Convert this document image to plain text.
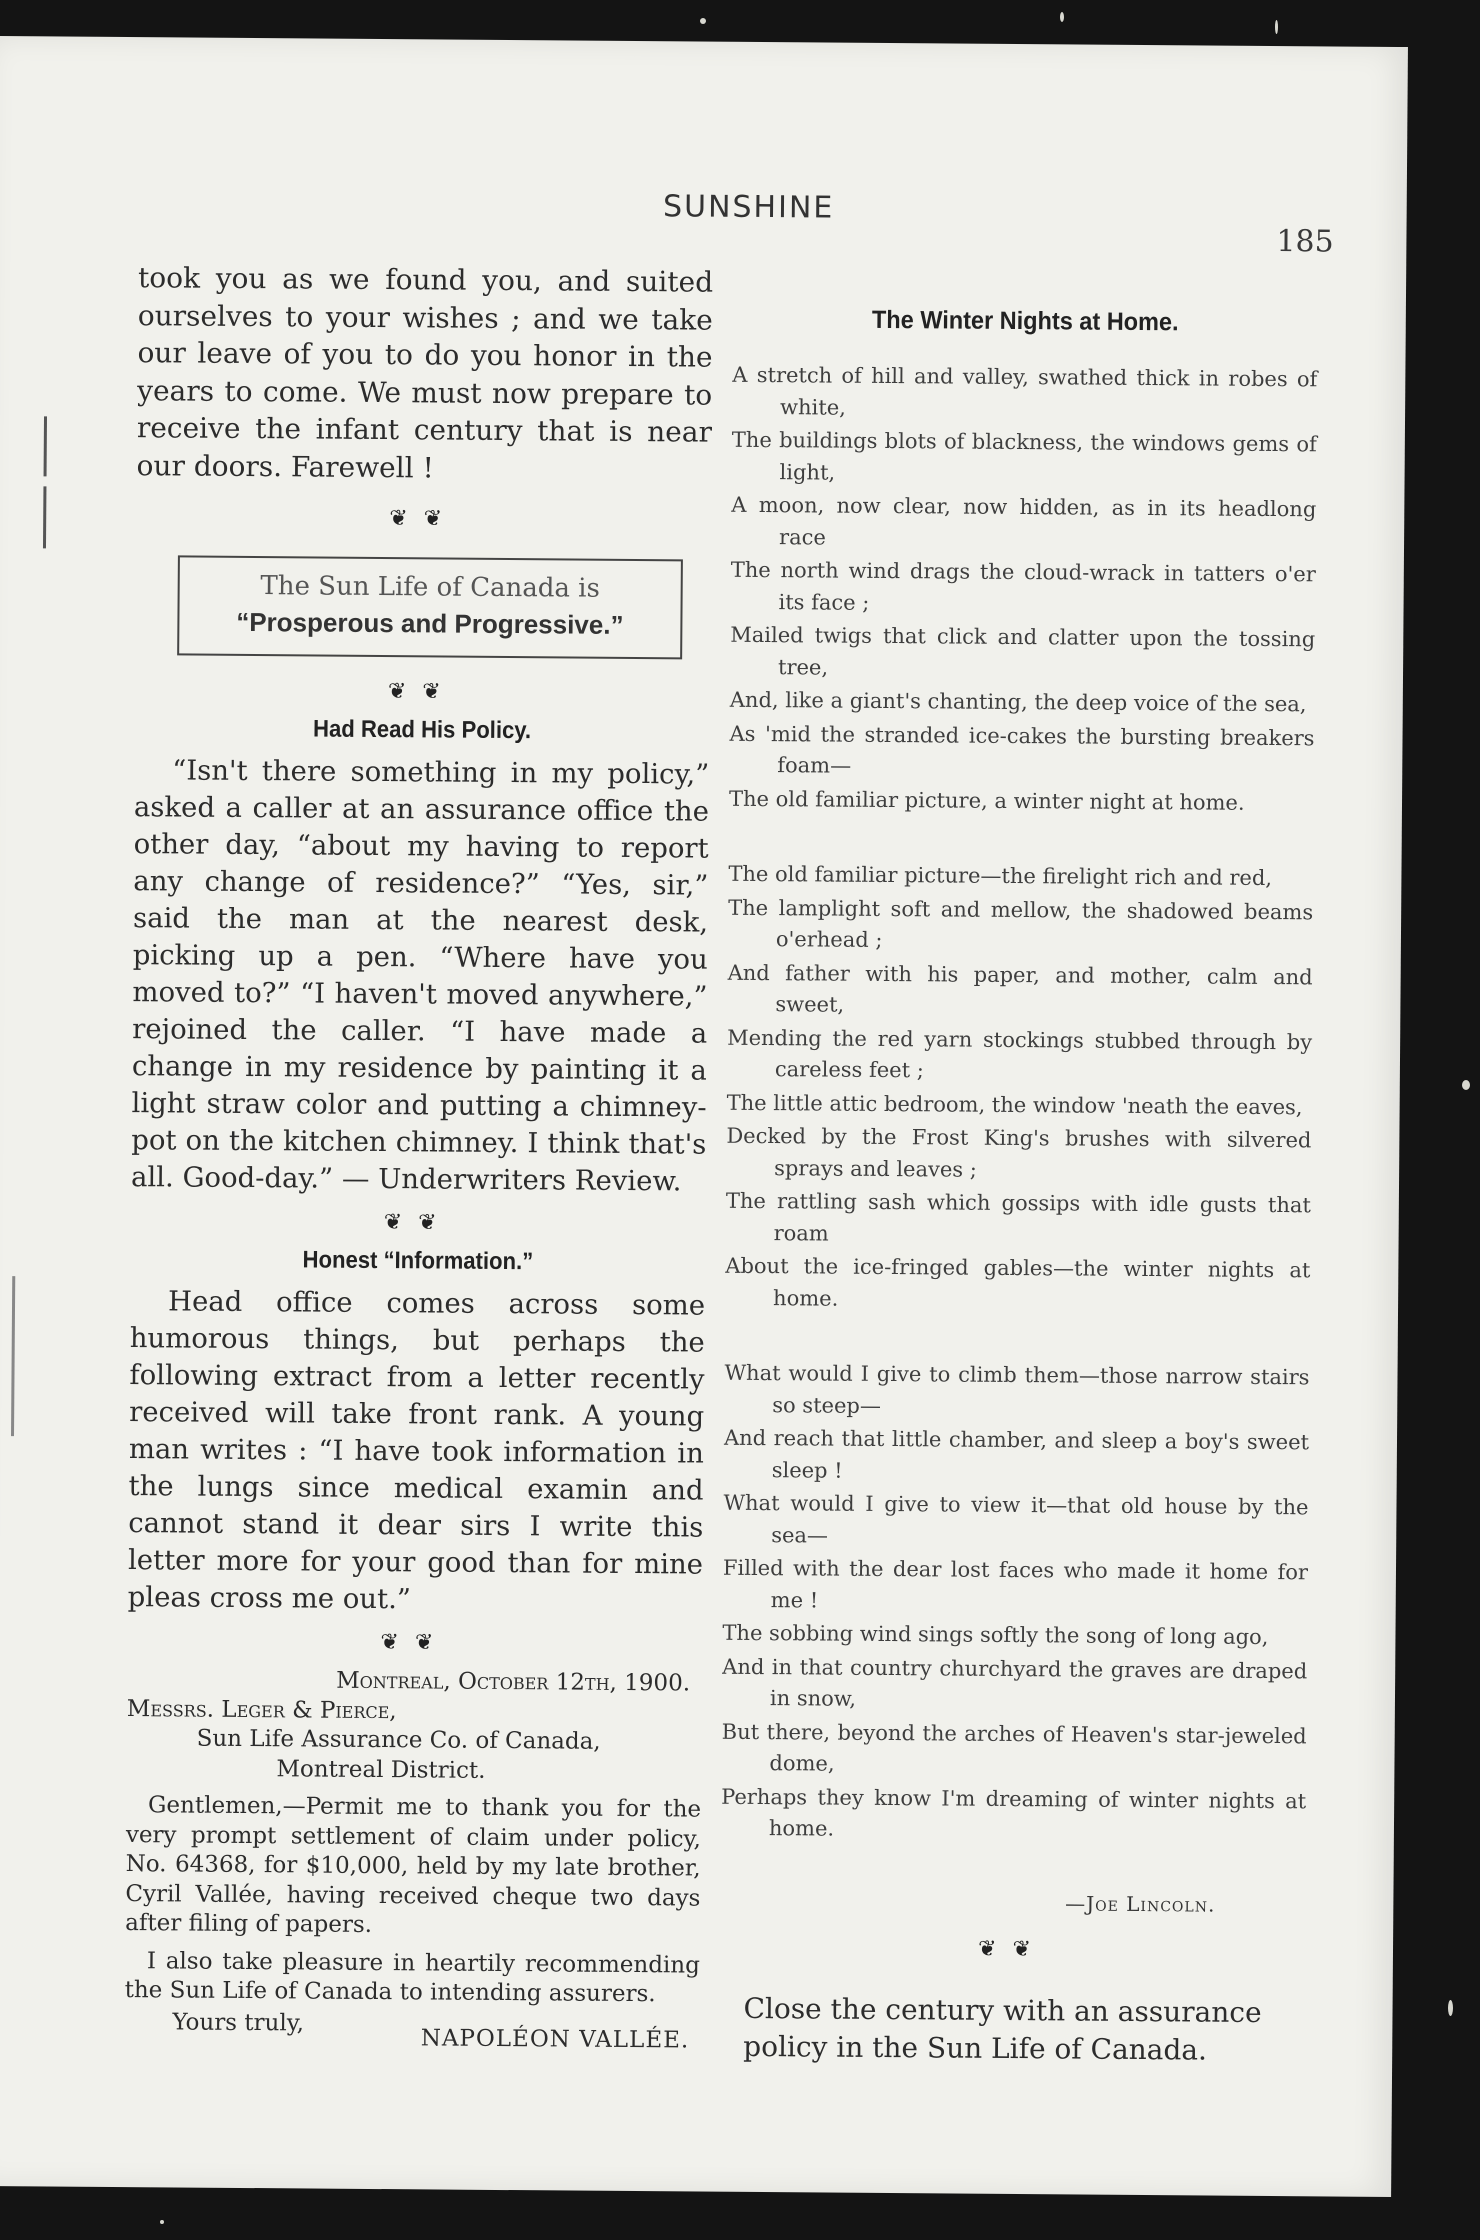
SUNSHINE
185

took you as we found you, and suited ourselves to your wishes ; and we take our leave of you to do you honor in the years to come. We must now prepare to receive the infant century that is near our doors. Farewell !

❦❦
The Sun Life of Canada is
“Prosperous and Progressive.”
❦❦
Had Read His Policy.

“Isn't there something in my policy,” asked a caller at an assurance office the other day, “about my having to report any change of residence?” “Yes, sir,” said the man at the nearest desk, picking up a pen. “Where have you moved to?” “I haven't moved anywhere,” rejoined the caller. “I have made a change in my residence by painting it a light straw color and putting a chimney-pot on the kitchen chimney. I think that's all. Good-day.” — Underwriters Review.

❦❦
Honest “Information.”

Head office comes across some humorous things, but perhaps the following extract from a letter recently received will take front rank. A young man writes : “I have took information in the lungs since medical examin and cannot stand it dear sirs I write this letter more for your good than for mine pleas cross me out.”

❦❦
Montreal, October 12th, 1900.
Messrs. Leger & Pierce,
Sun Life Assurance Co. of Canada,
Montreal District.

Gentlemen,—Permit me to thank you for the very prompt settlement of claim under policy, No. 64368, for $10,000, held by my late brother, Cyril Vallée, having received cheque two days after filing of papers.

I also take pleasure in heartily recommending the Sun Life of Canada to intending assurers.

Yours truly,
NAPOLÉON VALLÉE.
The Winter Nights at Home.
A stretch of hill and valley, swathed thick in robes of white,
The buildings blots of blackness, the windows gems of light,
A moon, now clear, now hidden, as in its headlong race
The north wind drags the cloud-wrack in tatters o'er its face ;
Mailed twigs that click and clatter upon the tossing tree,
And, like a giant's chanting, the deep voice of the sea,
As 'mid the stranded ice-cakes the bursting breakers foam—
The old familiar picture, a winter night at home.
The old familiar picture—the firelight rich and red,
The lamplight soft and mellow, the shadowed beams o'erhead ;
And father with his paper, and mother, calm and sweet,
Mending the red yarn stockings stubbed through by careless feet ;
The little attic bedroom, the window 'neath the eaves,
Decked by the Frost King's brushes with silvered sprays and leaves ;
The rattling sash which gossips with idle gusts that roam
About the ice-fringed gables—the winter nights at home.
What would I give to climb them—those narrow stairs so steep—
And reach that little chamber, and sleep a boy's sweet sleep !
What would I give to view it—that old house by the sea—
Filled with the dear lost faces who made it home for me !
The sobbing wind sings softly the song of long ago,
And in that country churchyard the graves are draped in snow,
But there, beyond the arches of Heaven's star-jeweled dome,
Perhaps they know I'm dreaming of winter nights at home.
—Joe Lincoln.
❦❦
Close the century with an assurance policy in the Sun Life of Canada.
